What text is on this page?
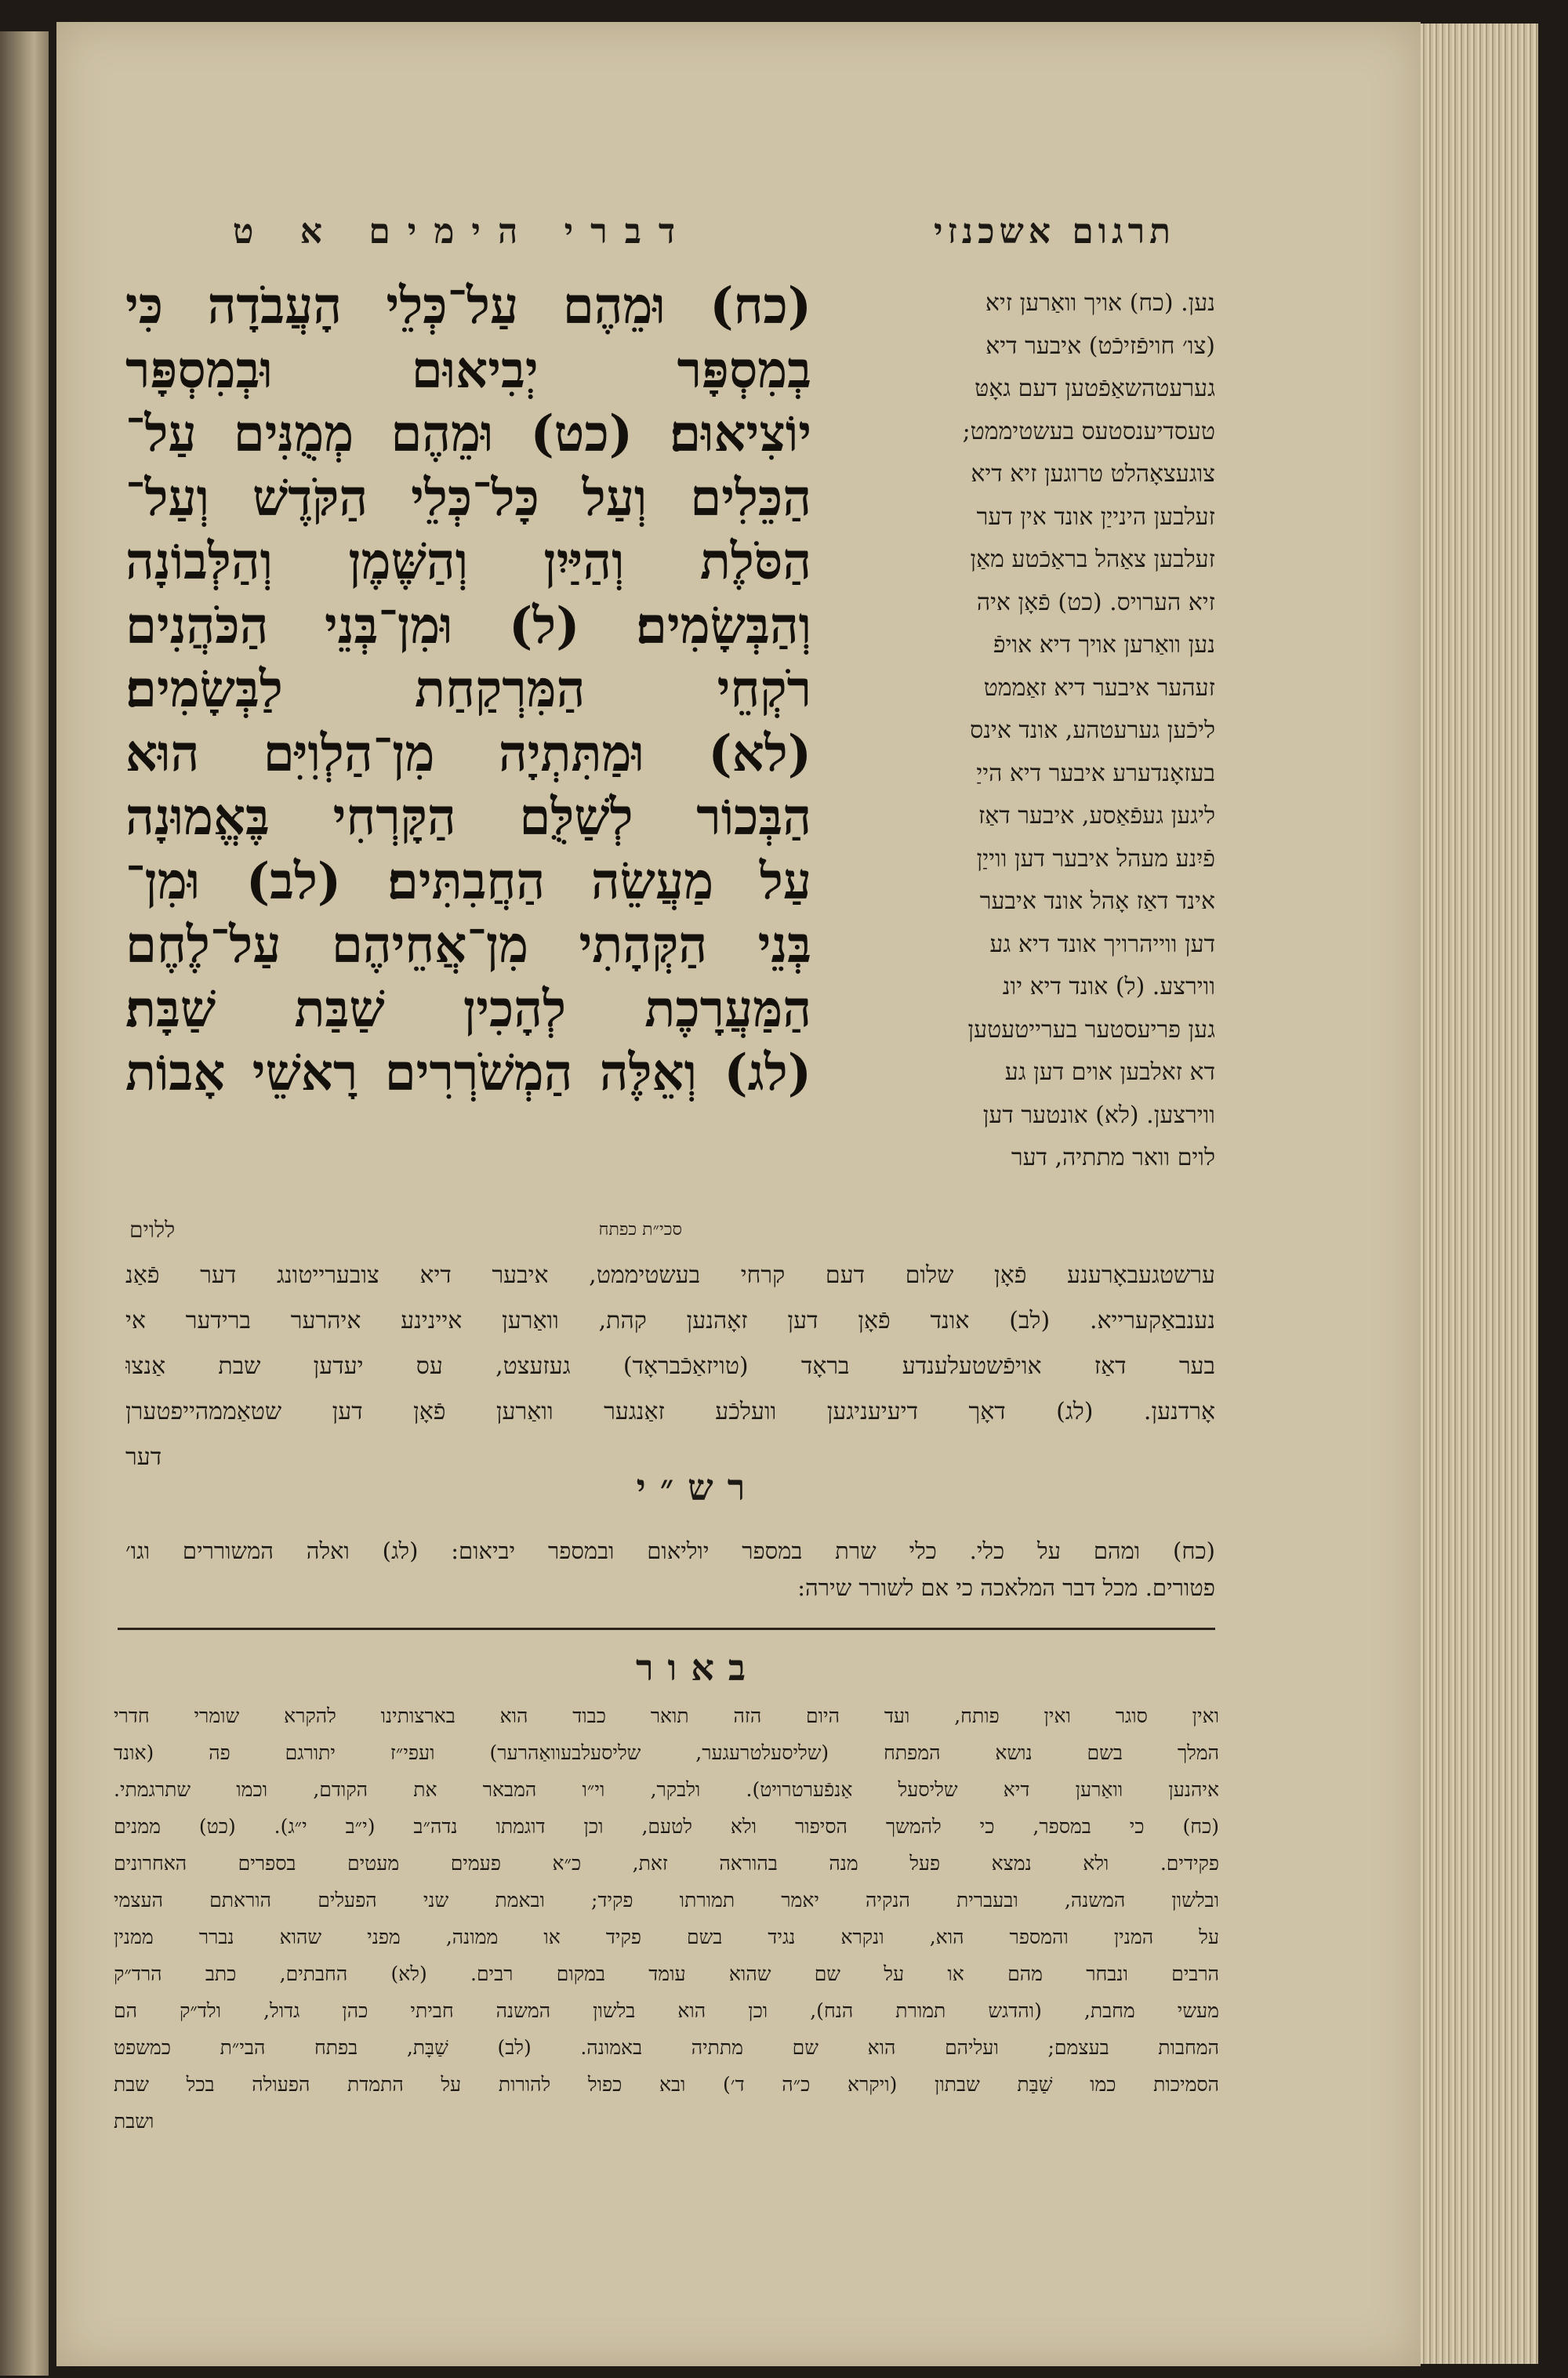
תרגום אשכנזי
דברי הימים א ט
נען. (כח) אויך וואַרען זיא
(צו׳ חויפֿזיכֿט) איבער דיא
גערעטהשאַפֿטען דעם גאָטּ
טעסדיענסטעס בעשטיממט;
צוגעצאָהלט טרוגען זיא דיא
זעלבען הינייַן אונד אין דער
זעלבען צאַהל בראַכֿטע מאַן
זיא הערויס. (כט) פֿאָן איה
נען וואַרען אויך דיא אויפֿ
זעהער איבער דיא זאַממט
ליכֿען גערעטהע, אונד אינס
בעזאָנדערע איבער דיא הייַ
ליגען געפֿאַסע, איבער דאַז
פֿיִנע מעהל איבער דען ווייַן
אינד דאַז אָהל אונד איבער
דען ווייהרויך אונד דיא גע
ווירצע. (ל) אונד דיא יונ
גען פריעסטער בערייטעטען
דא זאלבען אוים דען גע
ווירצען. (לא) אונטער דען
לוים וואר מתתיה, דער
(כח) וּמֵהֶם עַל־כְּלֵי הָעֲבֹדָה כִּי
בְמִסְפָּר יְבִיאוּם וּבְמִסְפָּר
יוֹצִיאוּם׃ (כט) וּמֵהֶם מְמֻנִּים עַל־
הַכֵּלִים וְעַל כָּל־כְּלֵי הַקֹּדֶשׁ וְעַל־
הַסֹּלֶת וְהַיַּיִן וְהַשֶּׁמֶן וְהַלְּבוֹנָה
וְהַבְּשָׂמִים׃ (ל) וּמִן־בְּנֵי הַכֹּהֲנִים
רֹקְחֵי הַמִּרְקַחַת לַבְּשָׂמִים׃
(לא) וּמַתִּתְיָה מִן־הַלְוִיִּם הוּא
הַבְּכוֹר לְשַׁלֻּם הַקָּרְחִי בֶּאֱמוּנָה
עַל מַעֲשֵׂה הַחֲבִתִּים׃ (לב) וּמִן־
בְּנֵי הַקְּהָתִי מִן־אֲחֵיהֶם עַל־לֶחֶם
הַמַּעֲרָכֶת לְהָכִין שַׁבַּת שַׁבָּת׃
(לג) וְאֵלֶּה הַמְשֹׁרְרִים רָאשֵׁי אָבוֹת
סכי״ת כפתח
ללוים
ערשטגעבאָרענע פֿאָן שלום דעם קרחי בעשטיממט, איבער דיא צובערייטונג דער פֿאַנ
נענבאַקערייא. (לב) אונד פֿאָן דען זאָהנען קהת, וואַרען איינינע איהרער ברידער אי
בער דאַז אויפֿשטעלענדע בראָד (טויזאַכֿבראָד) געזעצט, עס יעדען שבת אַנצוּ
אָרדנען. (לג) דאָך דיעיעניגען וועלכֿע זאַנגער וואַרען פֿאָן דען שטאַממהייפטערן
דער
רש״י
(כח) ומהם על כלי. כלי שרת במספר יוליאום ובמספר יביאום: (לג) ואלה המשוררים וגו׳
פטורים. מכל דבר המלאכה כי אם לשורר שירה:
באור
ואין סוגר ואין פותח, ועד היום הזה תואר כבוד הוא בארצותינו להקרא שומרי חדרי
המלך בשם נושא המפתח (שליסעלטרעגער, שליסעלבעוואַהרער) ועפי״ז יתורגם פה (אונד
איהנען וואַרען דיא שליסעל אַנפֿערטרויט). ולבקר, וי״ו המבאר את הקודם, וכמו שתרגמתי.
(כח) כי במספר, כי להמשך הסיפור ולא לטעם, וכן דוגמתו נדה״ב (י״ב י״ג). (כט) ממנים
פקידים. ולא נמצא פעל מנה בהוראה זאת, כ״א פעמים מעטים בספרים האחרונים
ובלשון המשנה, ובעברית הנקיה יאמר תמורתו פקיד; ובאמת שני הפעלים הוראתם העצמי
על המנין והמספר הוא, ונקרא נגיד בשם פקיד או ממונה, מפני שהוא נברר ממנין
הרבים ונבחר מהם או על שם שהוא עומד במקום רבים. (לא) החבתים, כתב הרד״ק
מעשי מחבת, (והדגש תמורת הנח), וכן הוא בלשון המשנה חביתי כהן גדול, ולד״ק הם
המחבות בעצמם; ועליהם הוא שם מתתיה באמונה. (לב) שַׁבָּת, בפתח הבי״ת כמשפט
הסמיכות כמו שַׁבַּת שבתון (ויקרא כ״ה ד׳) ובא כפול להורות על התמדת הפעולה בכל שבת
ושבת
